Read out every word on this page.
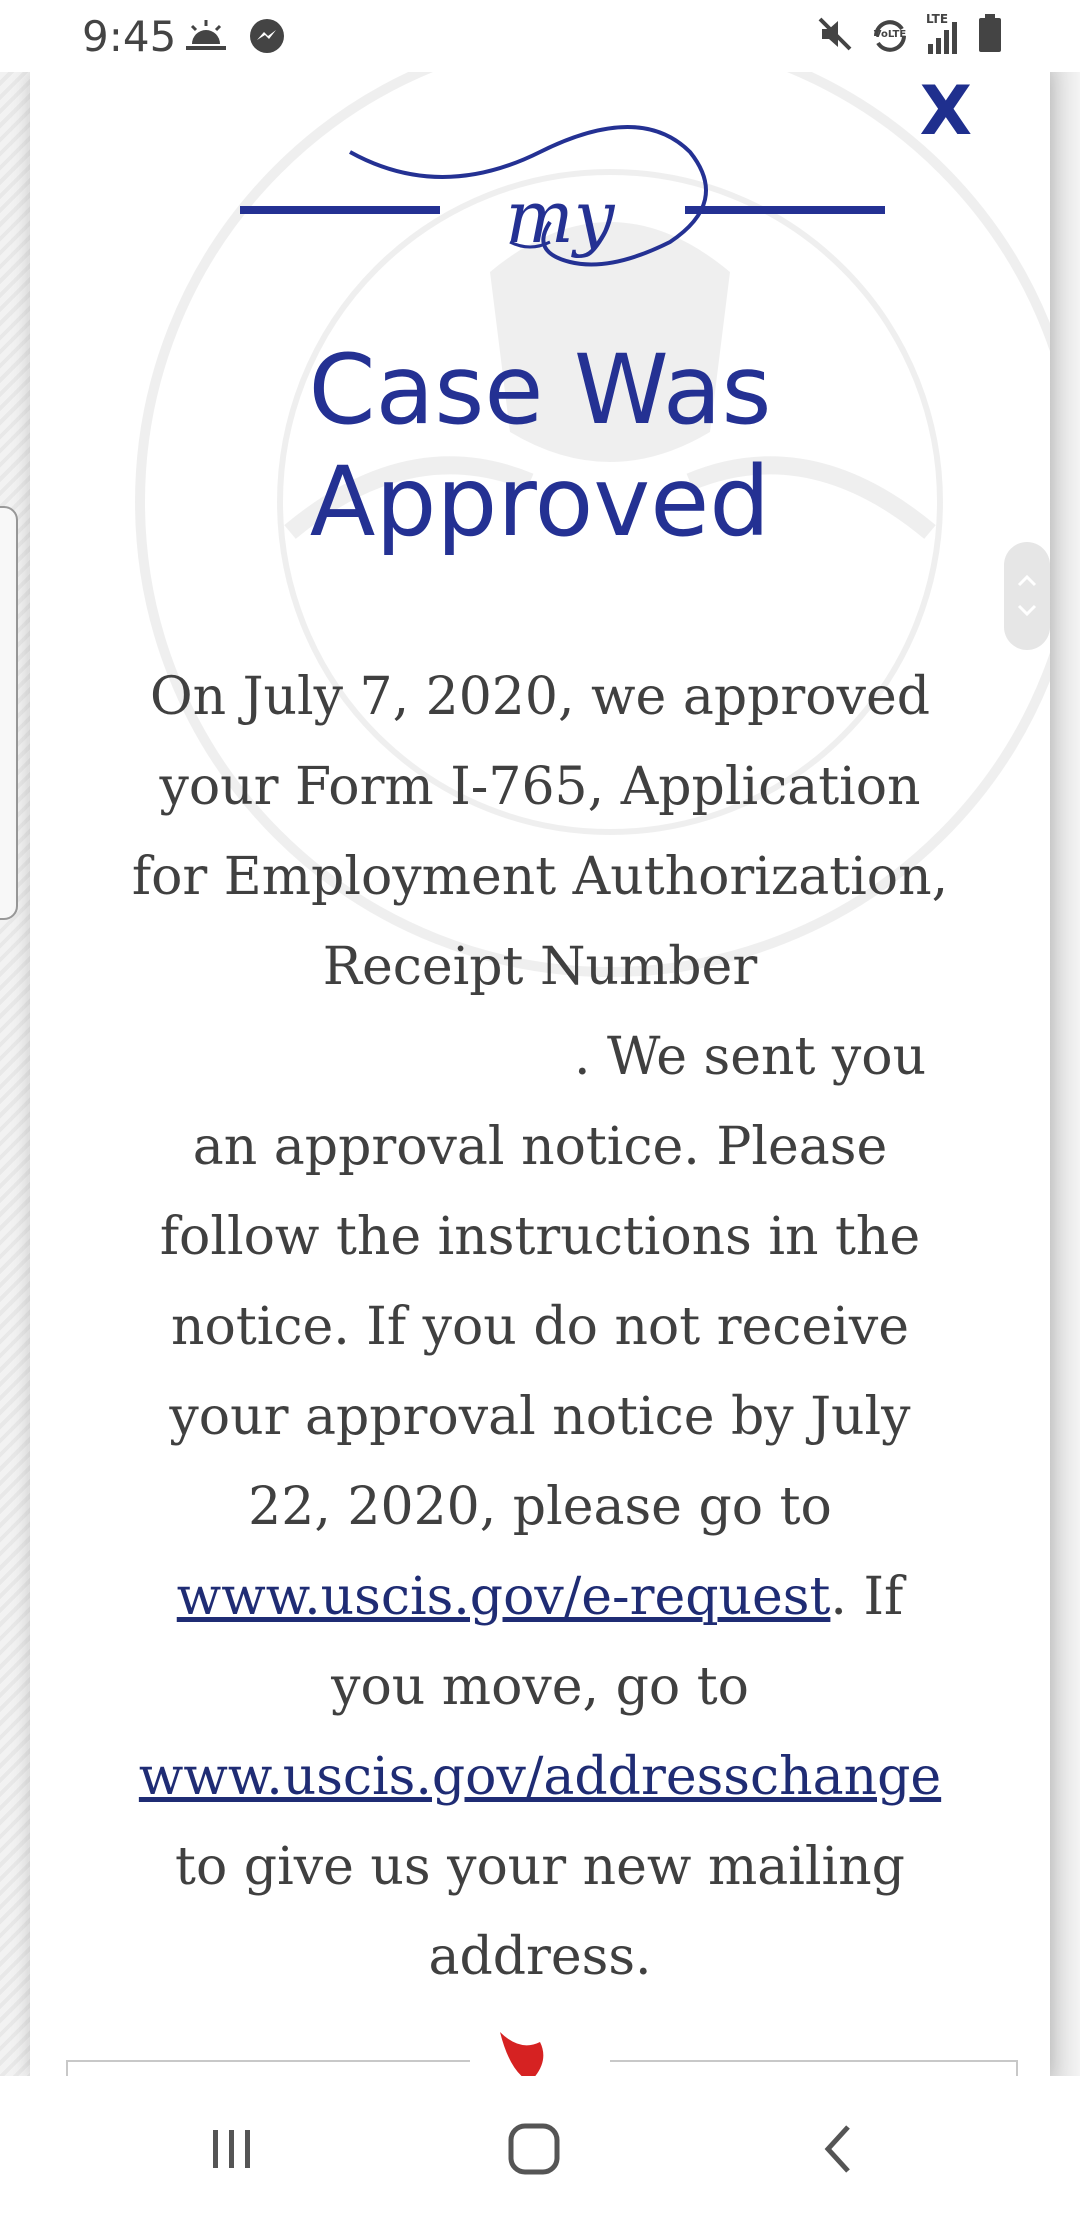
9:45	VoLTE
LTE
X
my
Case Was
Approved
On July 7, 2020, we approved your Form I-765, Application for Employment Authorization, Receipt Number . We sent you an approval notice. Please follow the instructions in the notice. If you do not receive your approval notice by July 22, 2020, please go to www.uscis.gov/e-request. If you move, go to www.uscis.gov/addresschange to give us your new mailing address.
